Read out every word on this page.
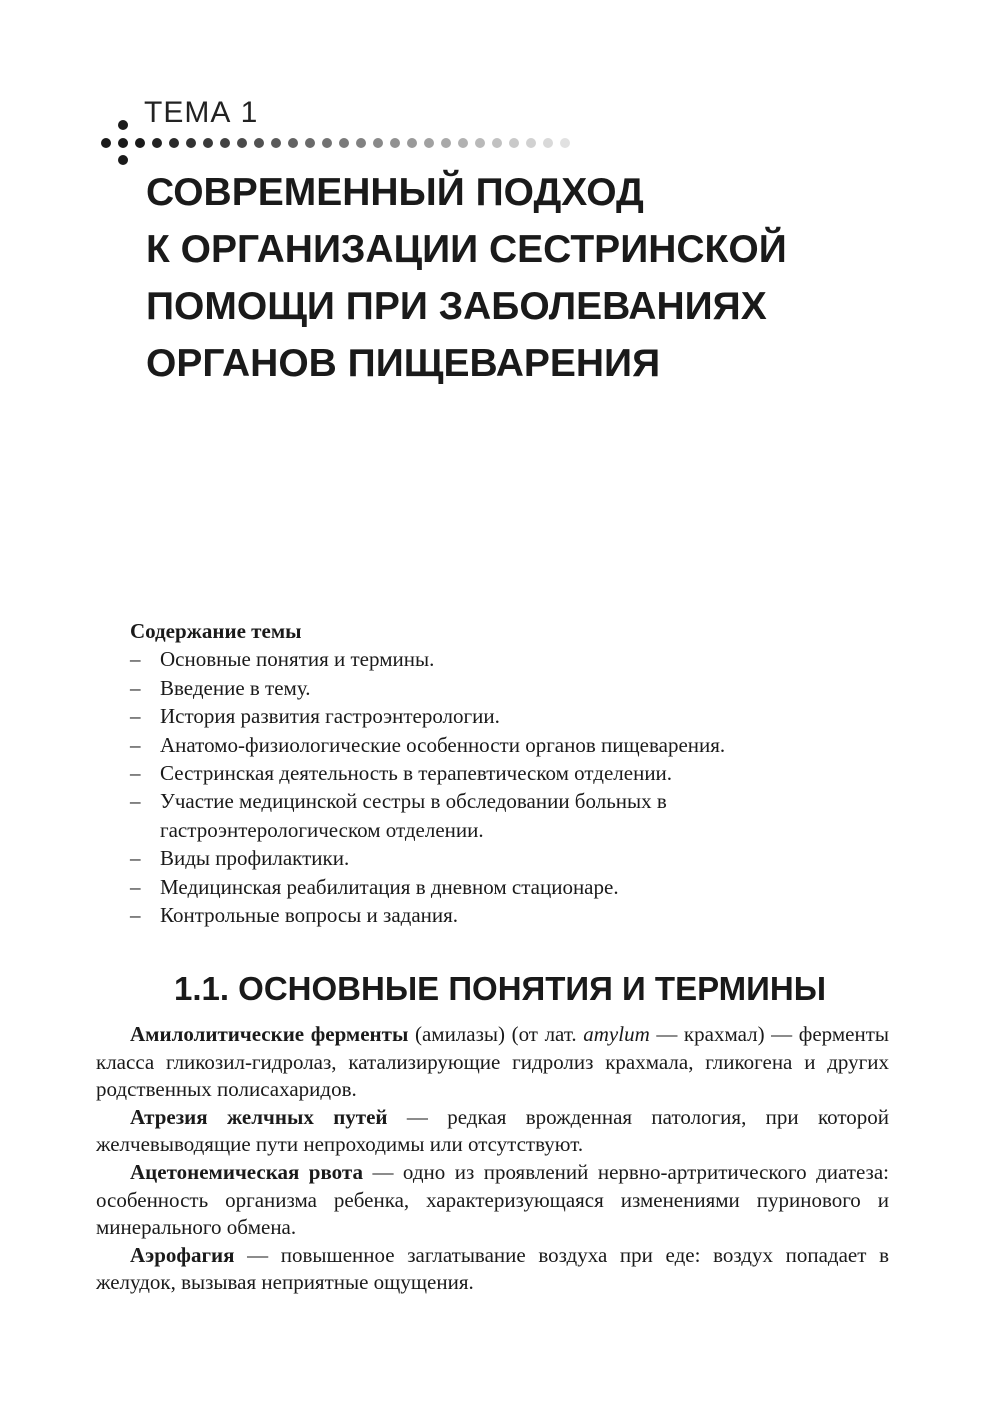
ТЕМА 1
СОВРЕМЕННЫЙ ПОДХОД
К ОРГАНИЗАЦИИ СЕСТРИНСКОЙ
ПОМОЩИ ПРИ ЗАБОЛЕВАНИЯХ
ОРГАНОВ ПИЩЕВАРЕНИЯ
Содержание темы
– Основные понятия и термины.
– Введение в тему.
– История развития гастроэнтерологии.
– Анатомо-физиологические особенности органов пищеварения.
– Сестринская деятельность в терапевтическом отделении.
– Участие медицинской сестры в обследовании больных в гастроэнтерологическом отделении.
– Виды профилактики.
– Медицинская реабилитация в дневном стационаре.
– Контрольные вопросы и задания.
1.1. ОСНОВНЫЕ ПОНЯТИЯ И ТЕРМИНЫ

Амилолитические ферменты (амилазы) (от лат. amylum — крахмал) — ферменты класса гликозил-гидролаз, катализирующие гидролиз крахмала, гликогена и других родственных полисахаридов.

Атрезия желчных путей — редкая врожденная патология, при которой желчевыводящие пути непроходимы или отсутствуют.

Ацетонемическая рвота — одно из проявлений нервно-артритического диатеза: особенность организма ребенка, характеризующаяся изменениями пуринового и минерального обмена.

Аэрофагия — повышенное заглатывание воздуха при еде: воздух попадает в желудок, вызывая неприятные ощущения.
